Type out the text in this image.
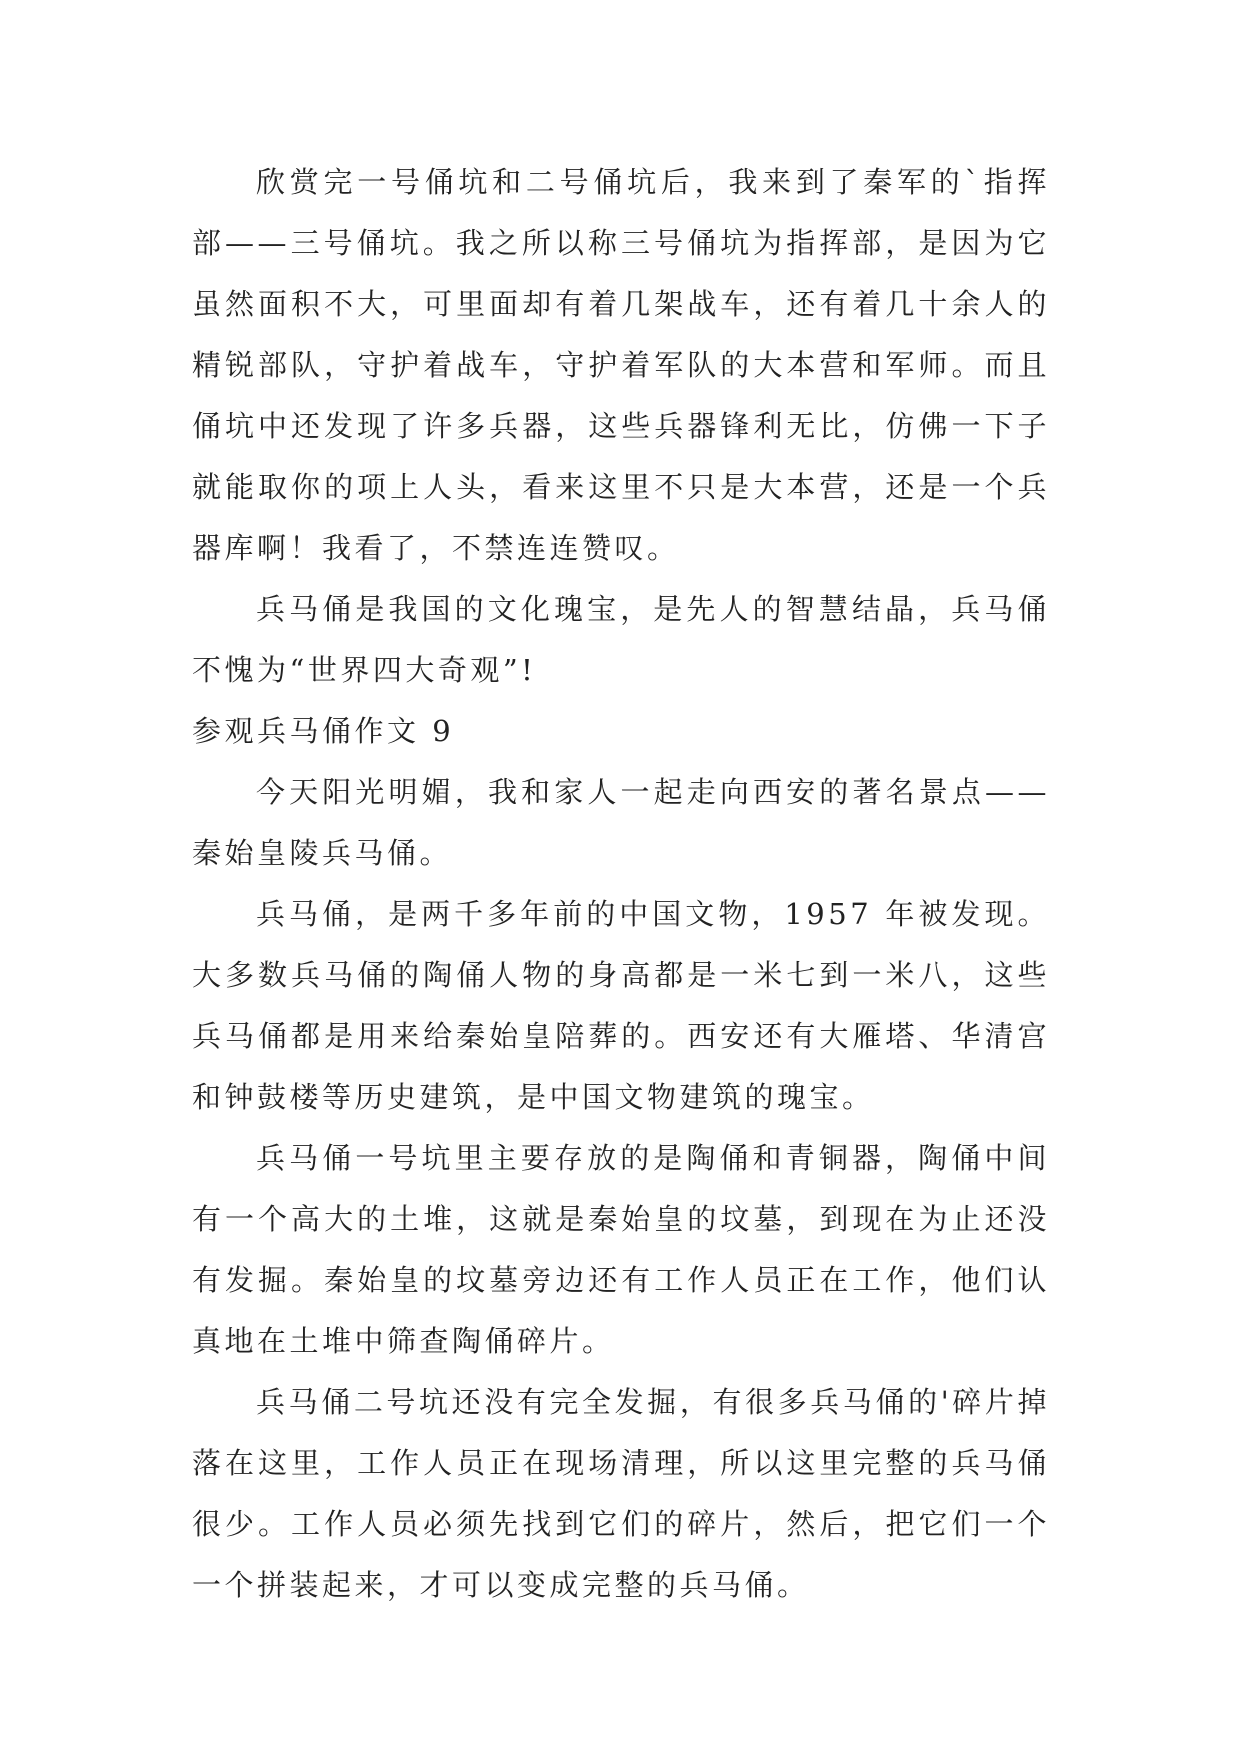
欣赏完一号俑坑和二号俑坑后，我来到了秦军的`指挥部——三号俑坑。我之所以称三号俑坑为指挥部，是因为它虽然面积不大，可里面却有着几架战车，还有着几十余人的精锐部队，守护着战车，守护着军队的大本营和军师。而且俑坑中还发现了许多兵器，这些兵器锋利无比，仿佛一下子就能取你的项上人头，看来这里不只是大本营，还是一个兵器库啊！我看了，不禁连连赞叹。

兵马俑是我国的文化瑰宝，是先人的智慧结晶，兵马俑不愧为“世界四大奇观”!

参观兵马俑作文 9

今天阳光明媚，我和家人一起走向西安的著名景点——秦始皇陵兵马俑。

兵马俑，是两千多年前的中国文物，1957 年被发现。大多数兵马俑的陶俑人物的身高都是一米七到一米八，这些兵马俑都是用来给秦始皇陪葬的。西安还有大雁塔、华清宫和钟鼓楼等历史建筑，是中国文物建筑的瑰宝。

兵马俑一号坑里主要存放的是陶俑和青铜器，陶俑中间有一个高大的土堆，这就是秦始皇的坟墓，到现在为止还没有发掘。秦始皇的坟墓旁边还有工作人员正在工作，他们认真地在土堆中筛查陶俑碎片。

兵马俑二号坑还没有完全发掘，有很多兵马俑的'碎片掉落在这里，工作人员正在现场清理，所以这里完整的兵马俑很少。工作人员必须先找到它们的碎片，然后，把它们一个一个拼装起来，才可以变成完整的兵马俑。
